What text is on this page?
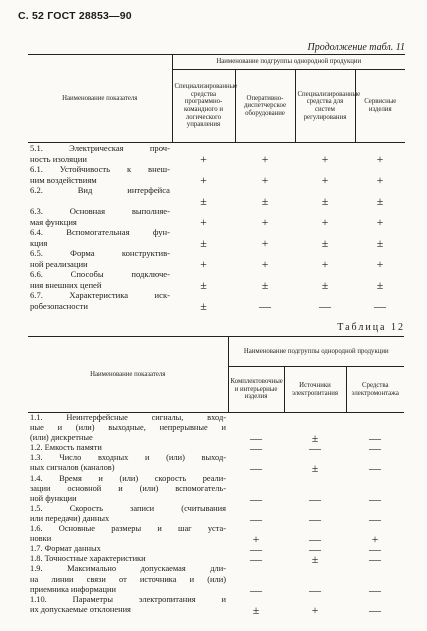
С. 52 ГОСТ 28853—90
Продолжение табл. 11
Наименование показателя	Наименование подгруппы однородной продукции			
	Специализированные средства программно-командного и логического управления	Оперативно-диспетчерское оборудование	Специализированные средства для систем регулирования	Сервисные изделия

5.1. Электрическая проч-
ность изоляции	+	+	+	+

6.1. Устойчивость к внеш-
ним воздействиям	+	+	+	+

6.2. Вид интерфейса	±	±	±	±

6.3. Основная выполняе-
мая функция	+	+	+	+

6.4. Вспомогательная фун-
кция	±	+	±	±

6.5. Форма конструктив-
ной реализации	+	+	+	+

6.6. Способы подключе-
ния внешних цепей	±	±	±	±

6.7. Характеристика иск-
робезопасности	±	—	—	—
Таблица 12
Наименование показателя	Наименование подгруппы однородной продукции		
	Комплектовочные и интерьерные изделия	Источники электропитания	Средства электромонтажа

1.1. Неинтерфейсные сигналы, вход-
ные и (или) выходные, непрерывные и
(или) дискретные	—	±	—

1.2. Емкость памяти	—	—	—

1.3. Число входных и (или) выход-
ных сигналов (каналов)	—	±	—

1.4. Время и (или) скорость реали-
зации основной и (или) вспомогатель-
ной функции	—	—	—

1.5. Скорость записи (считывания
или передачи) данных	—	—	—

1.6. Основные размеры и шаг уста-
новки	+	—	+

1.7. Формат данных	—	—	—

1.8. Точностные характеристики	—	±	—

1.9. Максимально допускаемая дли-
на линии связи от источника и (или)
приемника информации	—	—	—

1.10. Параметры электропитания и
их допускаемые отклонения	±	+	—
